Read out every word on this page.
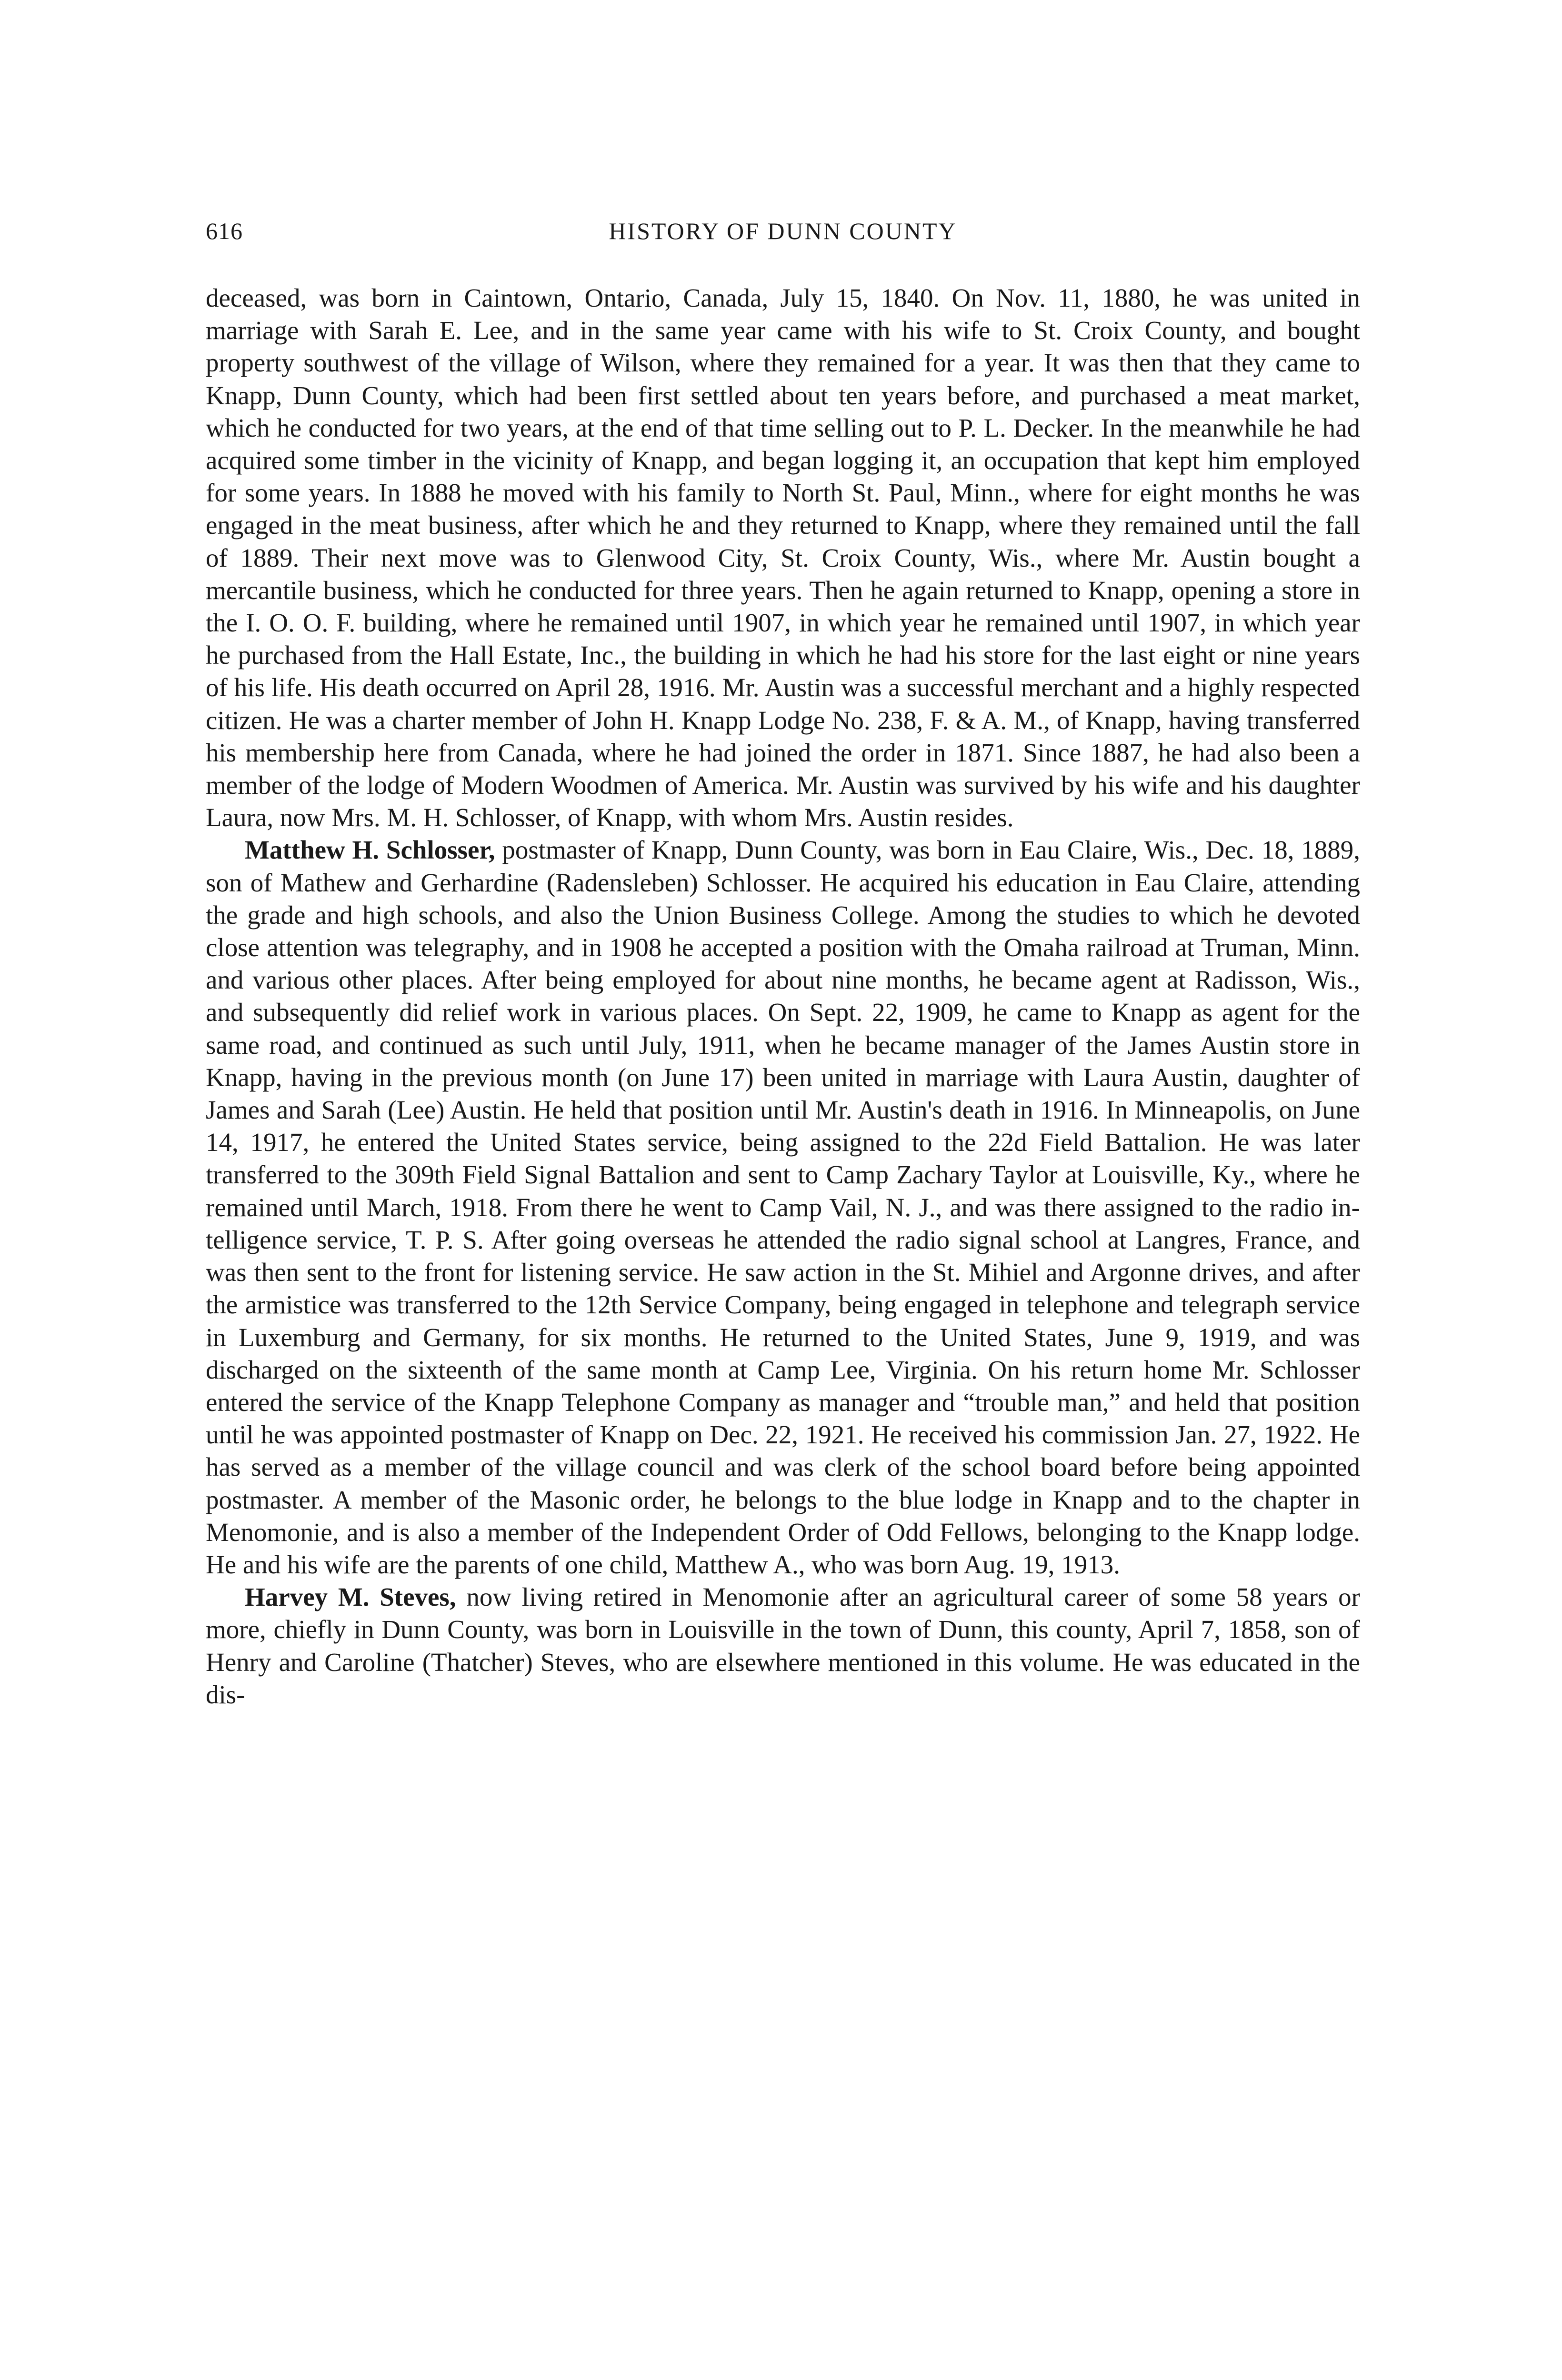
616	HISTORY OF DUNN COUNTY

deceased, was born in Caintown, Ontario, Canada, July 15, 1840. On Nov. 11, 1880, he was united in marriage with Sarah E. Lee, and in the same year came with his wife to St. Croix County, and bought property southwest of the village of Wilson, where they remained for a year. It was then that they came to Knapp, Dunn County, which had been first settled about ten years before, and purchased a meat market, which he conducted for two years, at the end of that time selling out to P. L. Decker. In the meanwhile he had acquired some timber in the vicinity of Knapp, and began logging it, an occupation that kept him employed for some years. In 1888 he moved with his family to North St. Paul, Minn., where for eight months he was engaged in the meat business, after which he and they returned to Knapp, where they remained until the fall of 1889. Their next move was to Glenwood City, St. Croix County, Wis., where Mr. Austin bought a mercantile business, which he conducted for three years. Then he again returned to Knapp, opening a store in the I. O. O. F. building, where he remained until 1907, in which year he remained until 1907, in which year he purchased from the Hall Estate, Inc., the building in which he had his store for the last eight or nine years of his life. His death occurred on April 28, 1916. Mr. Austin was a successful merchant and a highly respected citizen. He was a charter member of John H. Knapp Lodge No. 238, F. & A. M., of Knapp, having transferred his membership here from Canada, where he had joined the order in 1871. Since 1887, he had also been a member of the lodge of Modern Woodmen of America. Mr. Austin was survived by his wife and his daughter Laura, now Mrs. M. H. Schlosser, of Knapp, with whom Mrs. Austin resides.

Matthew H. Schlosser, postmaster of Knapp, Dunn County, was born in Eau Claire, Wis., Dec. 18, 1889, son of Mathew and Gerhardine (Radensleben) Schlosser. He acquired his education in Eau Claire, attending the grade and high schools, and also the Union Business College. Among the studies to which he devoted close attention was telegraphy, and in 1908 he accepted a position with the Omaha railroad at Truman, Minn. and various other places. After being employed for about nine months, he became agent at Radisson, Wis., and subsequently did relief work in various places. On Sept. 22, 1909, he came to Knapp as agent for the same road, and continued as such until July, 1911, when he became manager of the James Austin store in Knapp, having in the previous month (on June 17) been united in marriage with Laura Austin, daughter of James and Sarah (Lee) Austin. He held that position until Mr. Austin's death in 1916. In Minneapolis, on June 14, 1917, he entered the United States service, being assigned to the 22d Field Battalion. He was later transferred to the 309th Field Signal Battalion and sent to Camp Zachary Taylor at Louisville, Ky., where he remained until March, 1918. From there he went to Camp Vail, N. J., and was there assigned to the radio intelligence service, T. P. S. After going overseas he attended the radio signal school at Langres, France, and was then sent to the front for listening service. He saw action in the St. Mihiel and Argonne drives, and after the armistice was transferred to the 12th Service Company, being engaged in telephone and telegraph service in Luxemburg and Germany, for six months. He returned to the United States, June 9, 1919, and was discharged on the sixteenth of the same month at Camp Lee, Virginia. On his return home Mr. Schlosser entered the service of the Knapp Telephone Company as manager and “trouble man,” and held that position until he was appointed postmaster of Knapp on Dec. 22, 1921. He received his commission Jan. 27, 1922. He has served as a member of the village council and was clerk of the school board before being appointed postmaster. A member of the Masonic order, he belongs to the blue lodge in Knapp and to the chapter in Menomonie, and is also a member of the Independent Order of Odd Fellows, belonging to the Knapp lodge. He and his wife are the parents of one child, Matthew A., who was born Aug. 19, 1913.

Harvey M. Steves, now living retired in Menomonie after an agricultural career of some 58 years or more, chiefly in Dunn County, was born in Louisville in the town of Dunn, this county, April 7, 1858, son of Henry and Caroline (Thatcher) Steves, who are elsewhere mentioned in this volume. He was educated in the dis-
